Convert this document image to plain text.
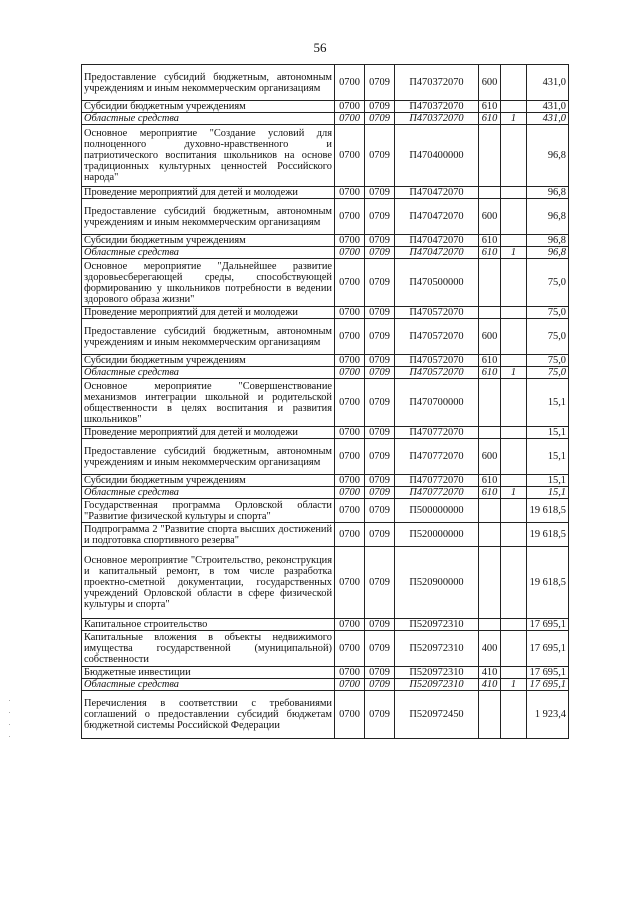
56
Предоставление субсидий бюджетным, автономным учреждениям и иным некоммерческим организациям	0700	0709	П470372070	600		431,0
Субсидии бюджетным учреждениям	0700	0709	П470372070	610		431,0
Областные средства	0700	0709	П470372070	610	1	431,0
Основное мероприятие "Создание условий для полноценного духовно-нравственного и патриотического воспитания школьников на основе традиционных культурных ценностей Российского народа"	0700	0709	П470400000			96,8
Проведение мероприятий для детей и молодежи	0700	0709	П470472070			96,8
Предоставление субсидий бюджетным, автономным учреждениям и иным некоммерческим организациям	0700	0709	П470472070	600		96,8
Субсидии бюджетным учреждениям	0700	0709	П470472070	610		96,8
Областные средства	0700	0709	П470472070	610	1	96,8
Основное мероприятие "Дальнейшее развитие здоровьесберегающей среды, способствующей формированию у школьников потребности в ведении здорового образа жизни"	0700	0709	П470500000			75,0
Проведение мероприятий для детей и молодежи	0700	0709	П470572070			75,0
Предоставление субсидий бюджетным, автономным учреждениям и иным некоммерческим организациям	0700	0709	П470572070	600		75,0
Субсидии бюджетным учреждениям	0700	0709	П470572070	610		75,0
Областные средства	0700	0709	П470572070	610	1	75,0
Основное мероприятие "Совершенствование механизмов интеграции школьной и родительской общественности в целях воспитания и развития школьников"	0700	0709	П470700000			15,1
Проведение мероприятий для детей и молодежи	0700	0709	П470772070			15,1
Предоставление субсидий бюджетным, автономным учреждениям и иным некоммерческим организациям	0700	0709	П470772070	600		15,1
Субсидии бюджетным учреждениям	0700	0709	П470772070	610		15,1
Областные средства	0700	0709	П470772070	610	1	15,1
Государственная программа Орловской области "Развитие физической культуры и спорта"	0700	0709	П500000000			19 618,5
Подпрограмма 2 "Развитие спорта высших достижений и подготовка спортивного резерва"	0700	0709	П520000000			19 618,5
Основное мероприятие "Строительство, реконструкция и капитальный ремонт, в том числе разработка проектно-сметной документации, государственных учреждений Орловской области в сфере физической культуры и спорта"	0700	0709	П520900000			19 618,5
Капитальное строительство	0700	0709	П520972310			17 695,1
Капитальные вложения в объекты недвижимого имущества государственной (муниципальной) собственности	0700	0709	П520972310	400		17 695,1
Бюджетные инвестиции	0700	0709	П520972310	410		17 695,1
Областные средства	0700	0709	П520972310	410	1	17 695,1
Перечисления в соответствии с требованиями соглашений о предоставлении субсидий бюджетам бюджетной системы Российской Федерации	0700	0709	П520972450			1 923,4
